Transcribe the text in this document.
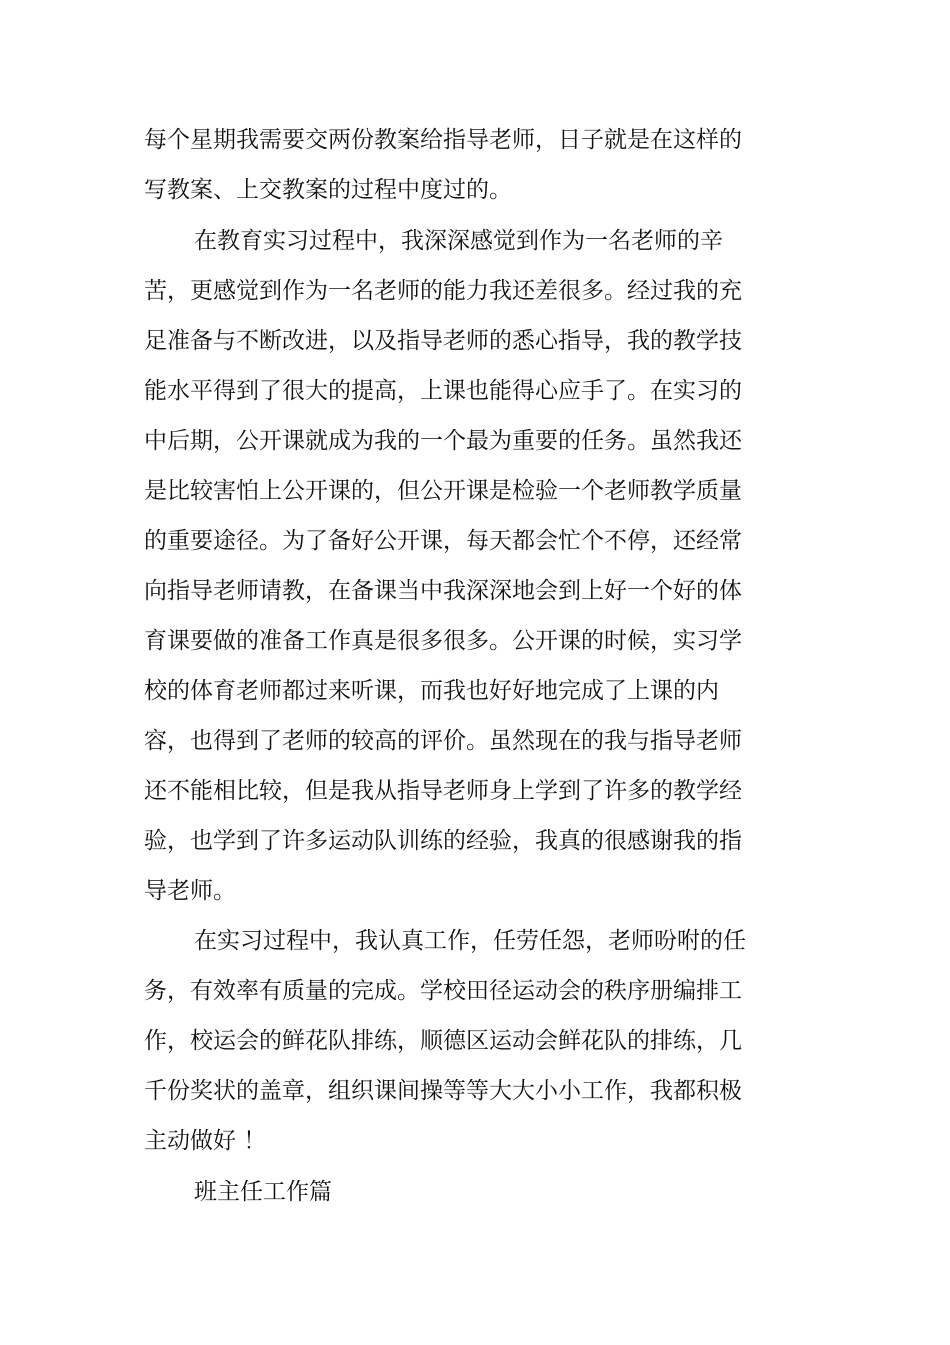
每个星期我需要交两份教案给指导老师，日子就是在这样的

写教案、上交教案的过程中度过的。

在教育实习过程中，我深深感觉到作为一名老师的辛

苦，更感觉到作为一名老师的能力我还差很多。经过我的充

足准备与不断改进，以及指导老师的悉心指导，我的教学技

能水平得到了很大的提高，上课也能得心应手了。在实习的

中后期，公开课就成为我的一个最为重要的任务。虽然我还

是比较害怕上公开课的，但公开课是检验一个老师教学质量

的重要途径。为了备好公开课，每天都会忙个不停，还经常

向指导老师请教，在备课当中我深深地会到上好一个好的体

育课要做的准备工作真是很多很多。公开课的时候，实习学

校的体育老师都过来听课，而我也好好地完成了上课的内

容，也得到了老师的较高的评价。虽然现在的我与指导老师

还不能相比较，但是我从指导老师身上学到了许多的教学经

验，也学到了许多运动队训练的经验，我真的很感谢我的指

导老师。

在实习过程中，我认真工作，任劳任怨，老师吩咐的任

务，有效率有质量的完成。学校田径运动会的秩序册编排工

作，校运会的鲜花队排练，顺德区运动会鲜花队的排练，几

千份奖状的盖章，组织课间操等等大大小小工作，我都积极

主动做好 ！

班主任工作篇
